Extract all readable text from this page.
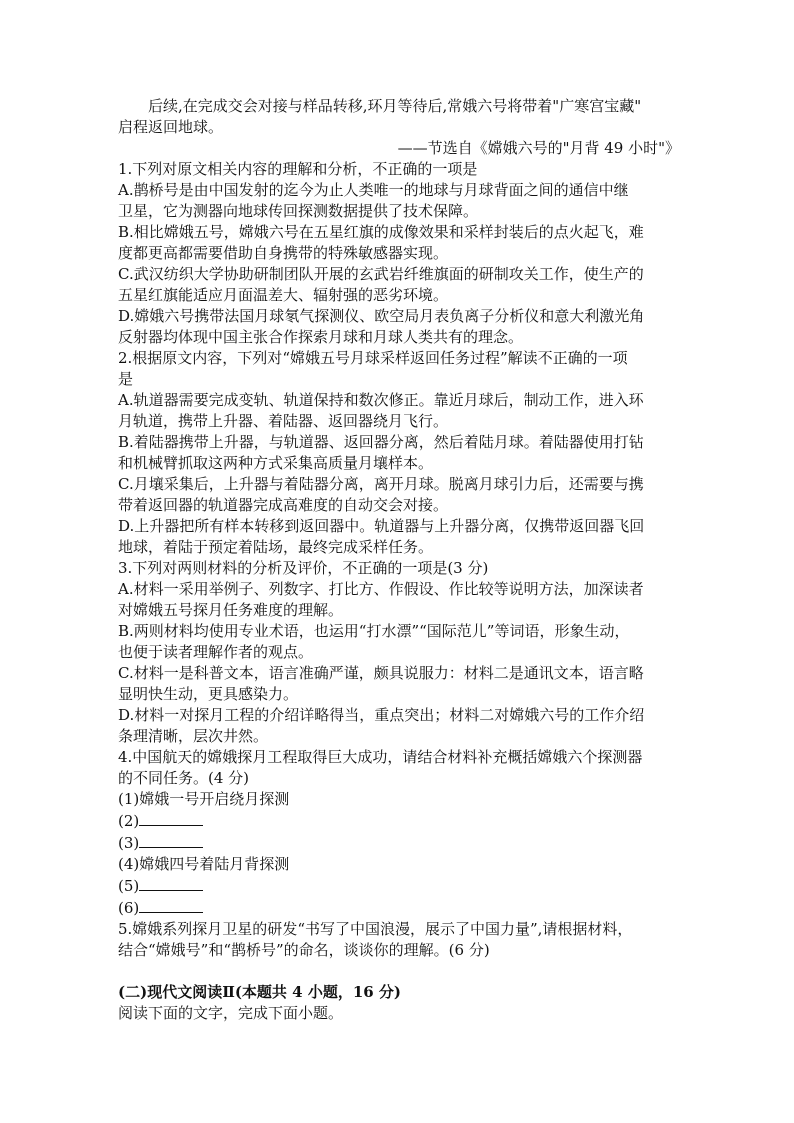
后续,在完成交会对接与样品转移,环月等待后,常娥六号将带着"广寒宫宝藏"
启程返回地球。
——节选自《嫦娥六号的"月背 49 小时"》
1.下列对原文相关内容的理解和分析，不正确的一项是
A.鹊桥号是由中国发射的迄今为止人类唯一的地球与月球背面之间的通信中继
卫星，它为测器向地球传回探测数据提供了技术保障。
B.相比嫦娥五号，嫦娥六号在五星红旗的成像效果和采样封装后的点火起飞，难
度都更高都需要借助自身携带的特殊敏感器实现。
C.武汉纺织大学协助研制团队开展的玄武岩纤维旗面的研制攻关工作，使生产的
五星红旗能适应月面温差大、辐射强的恶劣环境。
D.嫦娥六号携带法国月球氡气探测仪、欧空局月表负离子分析仪和意大利激光角
反射器均体现中国主张合作探索月球和月球人类共有的理念。
2.根据原文内容，下列对“嫦娥五号月球采样返回任务过程”解读不正确的一项
是
A.轨道器需要完成变轨、轨道保持和数次修正。靠近月球后，制动工作，进入环
月轨道，携带上升器、着陆器、返回器绕月飞行。
B.着陆器携带上升器，与轨道器、返回器分离，然后着陆月球。着陆器使用打钻
和机械臂抓取这两种方式采集高质量月壤样本。
C.月壤采集后，上升器与着陆器分离，离开月球。脱离月球引力后，还需要与携
带着返回器的轨道器完成高难度的自动交会对接。
D.上升器把所有样本转移到返回器中。轨道器与上升器分离，仅携带返回器飞回
地球，着陆于预定着陆场，最终完成采样任务。
3.下列对两则材料的分析及评价，不正确的一项是(3 分)
A.材料一采用举例子、列数字、打比方、作假设、作比较等说明方法，加深读者
对嫦娥五号探月任务难度的理解。
B.两则材料均使用专业术语，也运用“打水漂”“国际范儿”等词语，形象生动，
也便于读者理解作者的观点。
C.材料一是科普文本，语言准确严谨，颇具说服力：材料二是通讯文本，语言略
显明快生动，更具感染力。
D.材料一对探月工程的介绍详略得当，重点突出；材料二对嫦娥六号的工作介绍
条理清晰，层次井然。
4.中国航天的嫦娥探月工程取得巨大成功，请结合材料补充概括嫦娥六个探测器
的不同任务。(4 分)
(1)嫦娥一号开启绕月探测
(2)
(3)
(4)嫦娥四号着陆月背探测
(5)
(6)
5.嫦娥系列探月卫星的研发“书写了中国浪漫，展示了中国力量”,请根据材料，
结合“嫦娥号”和“鹊桥号”的命名，谈谈你的理解。(6 分)
(二)现代文阅读Ⅱ(本题共 4 小题，16 分)
阅读下面的文字，完成下面小题。
